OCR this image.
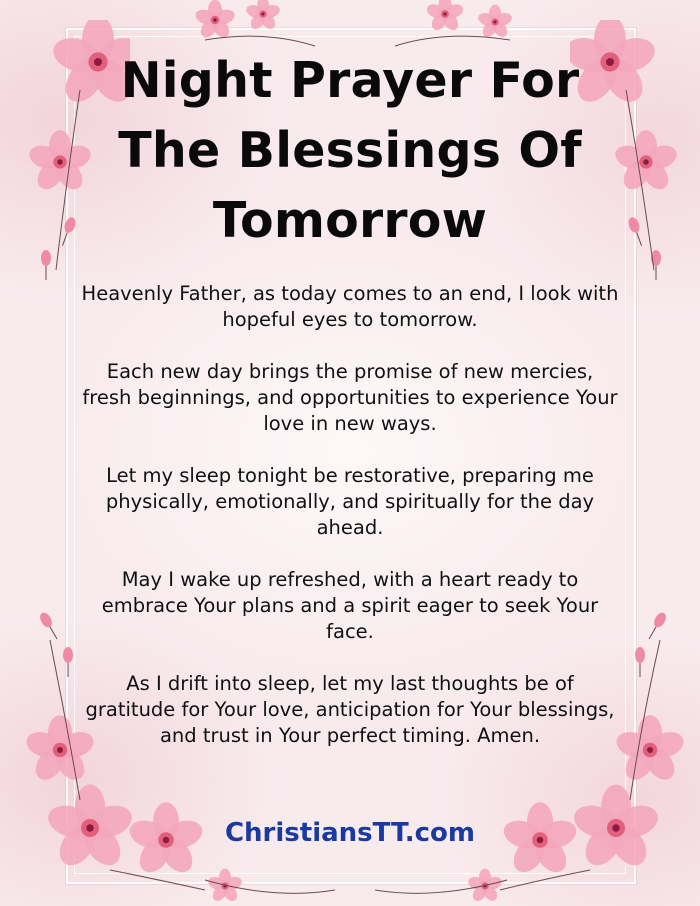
Night Prayer For The Blessings Of Tomorrow

Heavenly Father, as today comes to an end, I look with hopeful eyes to tomorrow.

Each new day brings the promise of new mercies, fresh beginnings, and opportunities to experience Your love in new ways.

Let my sleep tonight be restorative, preparing me physically, emotionally, and spiritually for the day ahead.

May I wake up refreshed, with a heart ready to embrace Your plans and a spirit eager to seek Your face.

As I drift into sleep, let my last thoughts be of gratitude for Your love, anticipation for Your blessings, and trust in Your perfect timing. Amen.

ChristiansTT.com
